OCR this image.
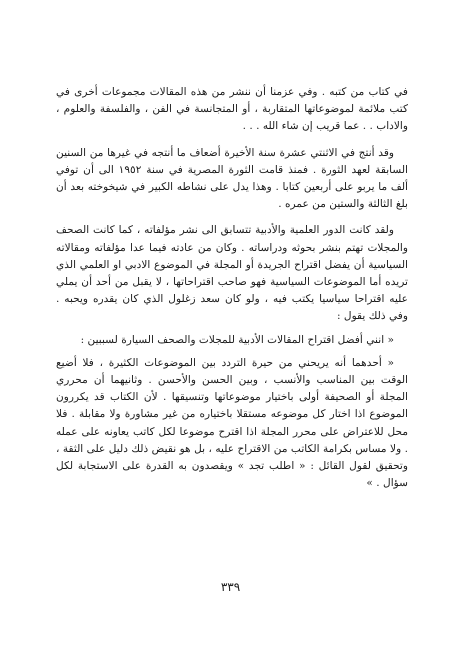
في كتاب من كتبه . وفي عزمنا أن ننشر من هذه المقالات مجموعات أخرى في كتب ملائمة لموضوعاتها المتقاربة ، أو المتجانسة في الفن ، والفلسفة والعلوم ، والاداب . . عما قريب إن شاء الله . . .

وقد أنتج في الاثنتي عشرة سنة الأخيرة أضعاف ما أنتجه في غيرها من السنين السابقة لعهد الثورة . فمنذ قامت الثورة المصرية في سنة ١٩٥٢ الى أن توفي ألف ما يربو على أربعين كتابا . وهذا يدل على نشاطه الكبير في شيخوخته بعد أن بلغ الثالثة والستين من عمره .

ولقد كانت الدور العلمية والأدبية تتسابق الى نشر مؤلفاته ، كما كانت الصحف والمجلات تهتم بنشر بحوثه ودراساته . وكان من عادته فيما عدا مؤلفاته ومقالاته السياسية أن يفضل اقتراح الجريدة أو المجلة في الموضوع الادبي او العلمي الذي تريده أما الموضوعات السياسية فهو صاحب اقتراحاتها ، لا يقبل من أحد أن يملي عليه اقتراحا سياسيا يكتب فيه ، ولو كان سعد زغلول الذي كان يقدره ويحبه . وفي ذلك يقول :

« انني أفضل اقتراح المقالات الأدبية للمجلات والصحف السيارة لسببين :

« أحدهما أنه يريحني من حيرة التردد بين الموضوعات الكثيرة ، فلا أضيع الوقت بين المناسب والأنسب ، وبين الحسن والأحسن . وثانيهما أن محرري المجلة أو الصحيفة أولى باختيار موضوعاتها وتنسيقها . لأن الكتاب قد يكررون الموضوع اذا اختار كل موضوعه مستقلا باختياره من غير مشاورة ولا مقابلة . فلا محل للاعتراض على محرر المجلة اذا اقترح موضوعا لكل كاتب يعاونه على عمله . ولا مساس بكرامة الكاتب من الاقتراح عليه ، بل هو نقيض ذلك دليل على الثقة ، وتحقيق لقول القائل : « اطلب تجد » ويقصدون به القدرة على الاستجابة لكل سؤال . »

٣٣٩
